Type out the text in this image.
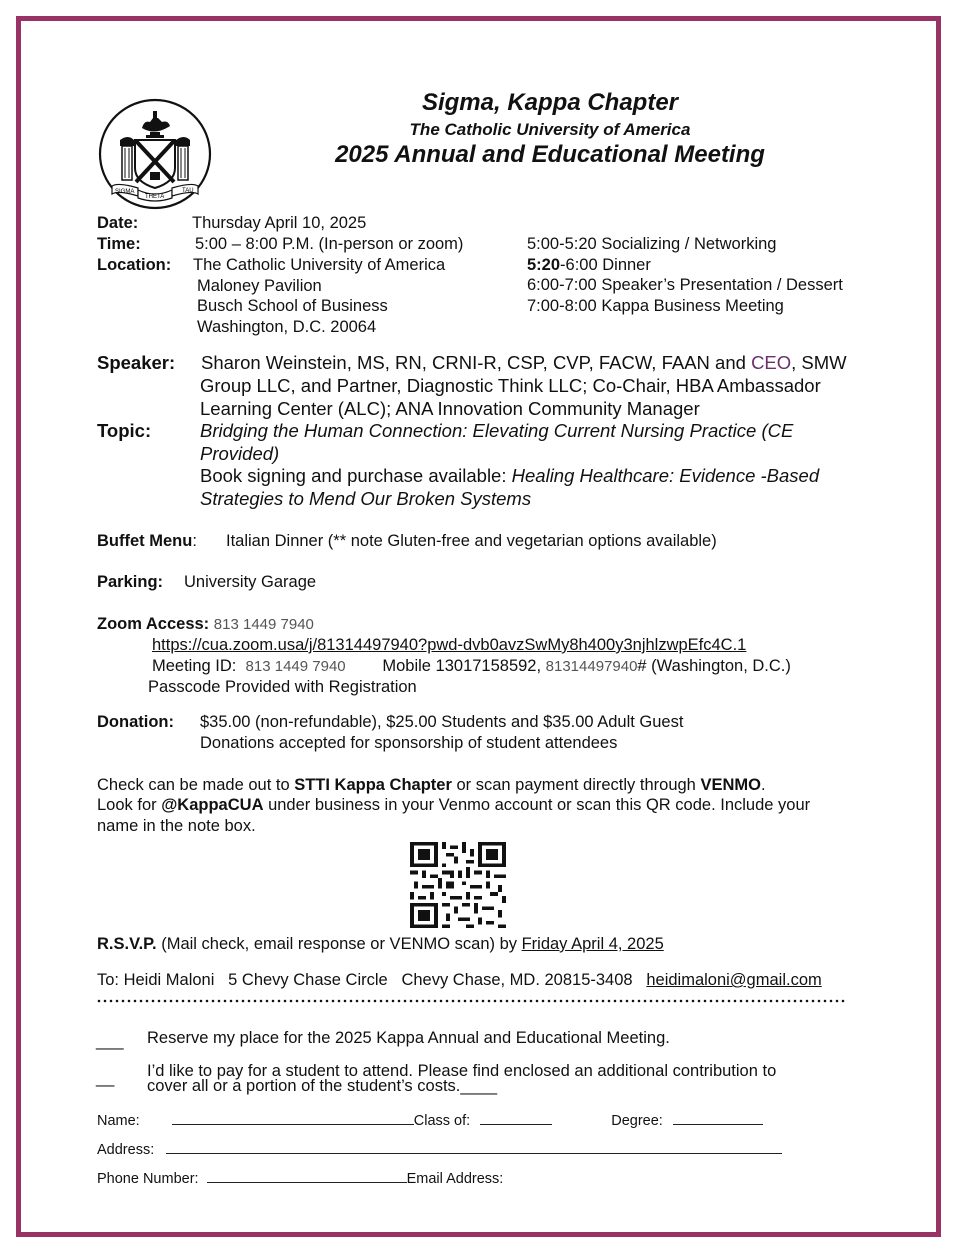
SIGMA
THETA
TAU
Sigma, Kappa Chapter
The Catholic University of America
2025 Annual and Educational Meeting
Date:	Thursday April 10, 2025
Time:	5:00 – 8:00 P.M. (In-person or zoom)
Location: The Catholic University of America
Maloney Pavilion
Busch School of Business
Washington, D.C. 20064
5:00-5:20 Socializing / Networking
5:20-6:00 Dinner
6:00-7:00 Speaker’s Presentation / Dessert
7:00-8:00 Kappa Business Meeting
Speaker: Sharon Weinstein, MS, RN, CRNI-R, CSP, CVP, FACW, FAAN and CEO, SMW
Group LLC, and Partner, Diagnostic Think LLC; Co-Chair, HBA Ambassador
Learning Center (ALC); ANA Innovation Community Manager
Topic:	Bridging the Human Connection: Elevating Current Nursing Practice (CE
Provided)
Book signing and purchase available: Healing Healthcare: Evidence -Based
Strategies to Mend Our Broken Systems
Buffet Menu: Italian Dinner (** note Gluten-free and vegetarian options available)
Parking: University Garage
Zoom Access: 813 1449 7940
https://cua.zoom.usa/j/81314497940?pwd-dvb0avzSwMy8h400y3njhlzwpEfc4C.1
Meeting ID: 813 1449 7940 Mobile 13017158592, 81314497940# (Washington, D.C.)
Passcode Provided with Registration
Donation: $35.00 (non-refundable), $25.00 Students and $35.00 Adult Guest
Donations accepted for sponsorship of student attendees
Check can be made out to STTI Kappa Chapter or scan payment directly through VENMO.
Look for @KappaCUA under business in your Venmo account or scan this QR code. Include your
name in the note box.
R.S.V.P. (Mail check, email response or VENMO scan) by Friday April 4, 2025
To: Heidi Maloni   5 Chevy Chase Circle   Chevy Chase, MD. 20815-3408   heidimaloni@gmail.com
___ Reserve my place for the 2025 Kappa Annual and Educational Meeting.
__ I’d like to pay for a student to attend. Please find enclosed an additional contribution to
cover all or a portion of the student’s costs.____
Name:	Class of:	Degree:
Address:
Phone Number:	Email Address:
